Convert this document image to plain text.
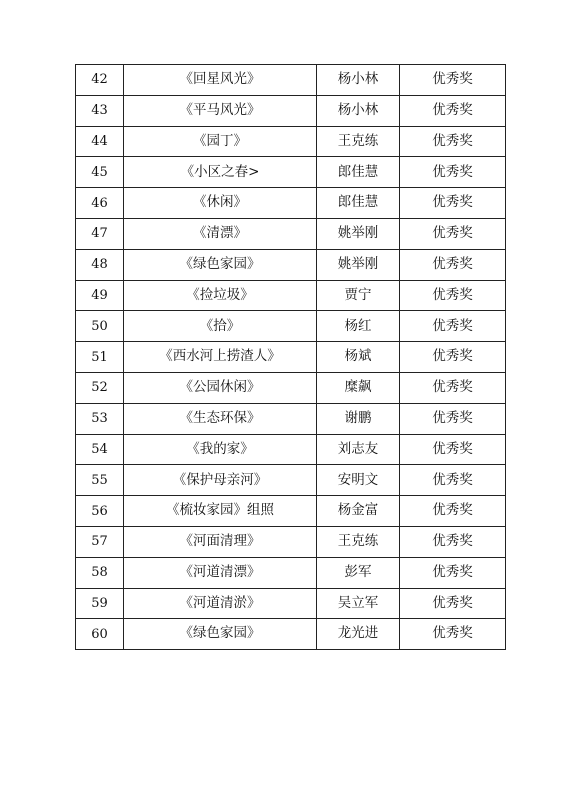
42	《回星风光》	杨小林	优秀奖
43	《平马风光》	杨小林	优秀奖
44	《园丁》	王克练	优秀奖
45	《小区之春>	郎佳慧	优秀奖
46	《休闲》	郎佳慧	优秀奖
47	《清漂》	姚举刚	优秀奖
48	《绿色家园》	姚举刚	优秀奖
49	《捡垃圾》	贾宁	优秀奖
50	《拾》	杨红	优秀奖
51	《西水河上捞渣人》	杨斌	优秀奖
52	《公园休闲》	糜飙	优秀奖
53	《生态环保》	谢鹏	优秀奖
54	《我的家》	刘志友	优秀奖
55	《保护母亲河》	安明文	优秀奖
56	《梳妆家园》组照	杨金富	优秀奖
57	《河面清理》	王克练	优秀奖
58	《河道清漂》	彭军	优秀奖
59	《河道清淤》	吴立军	优秀奖
60	《绿色家园》	龙光进	优秀奖
